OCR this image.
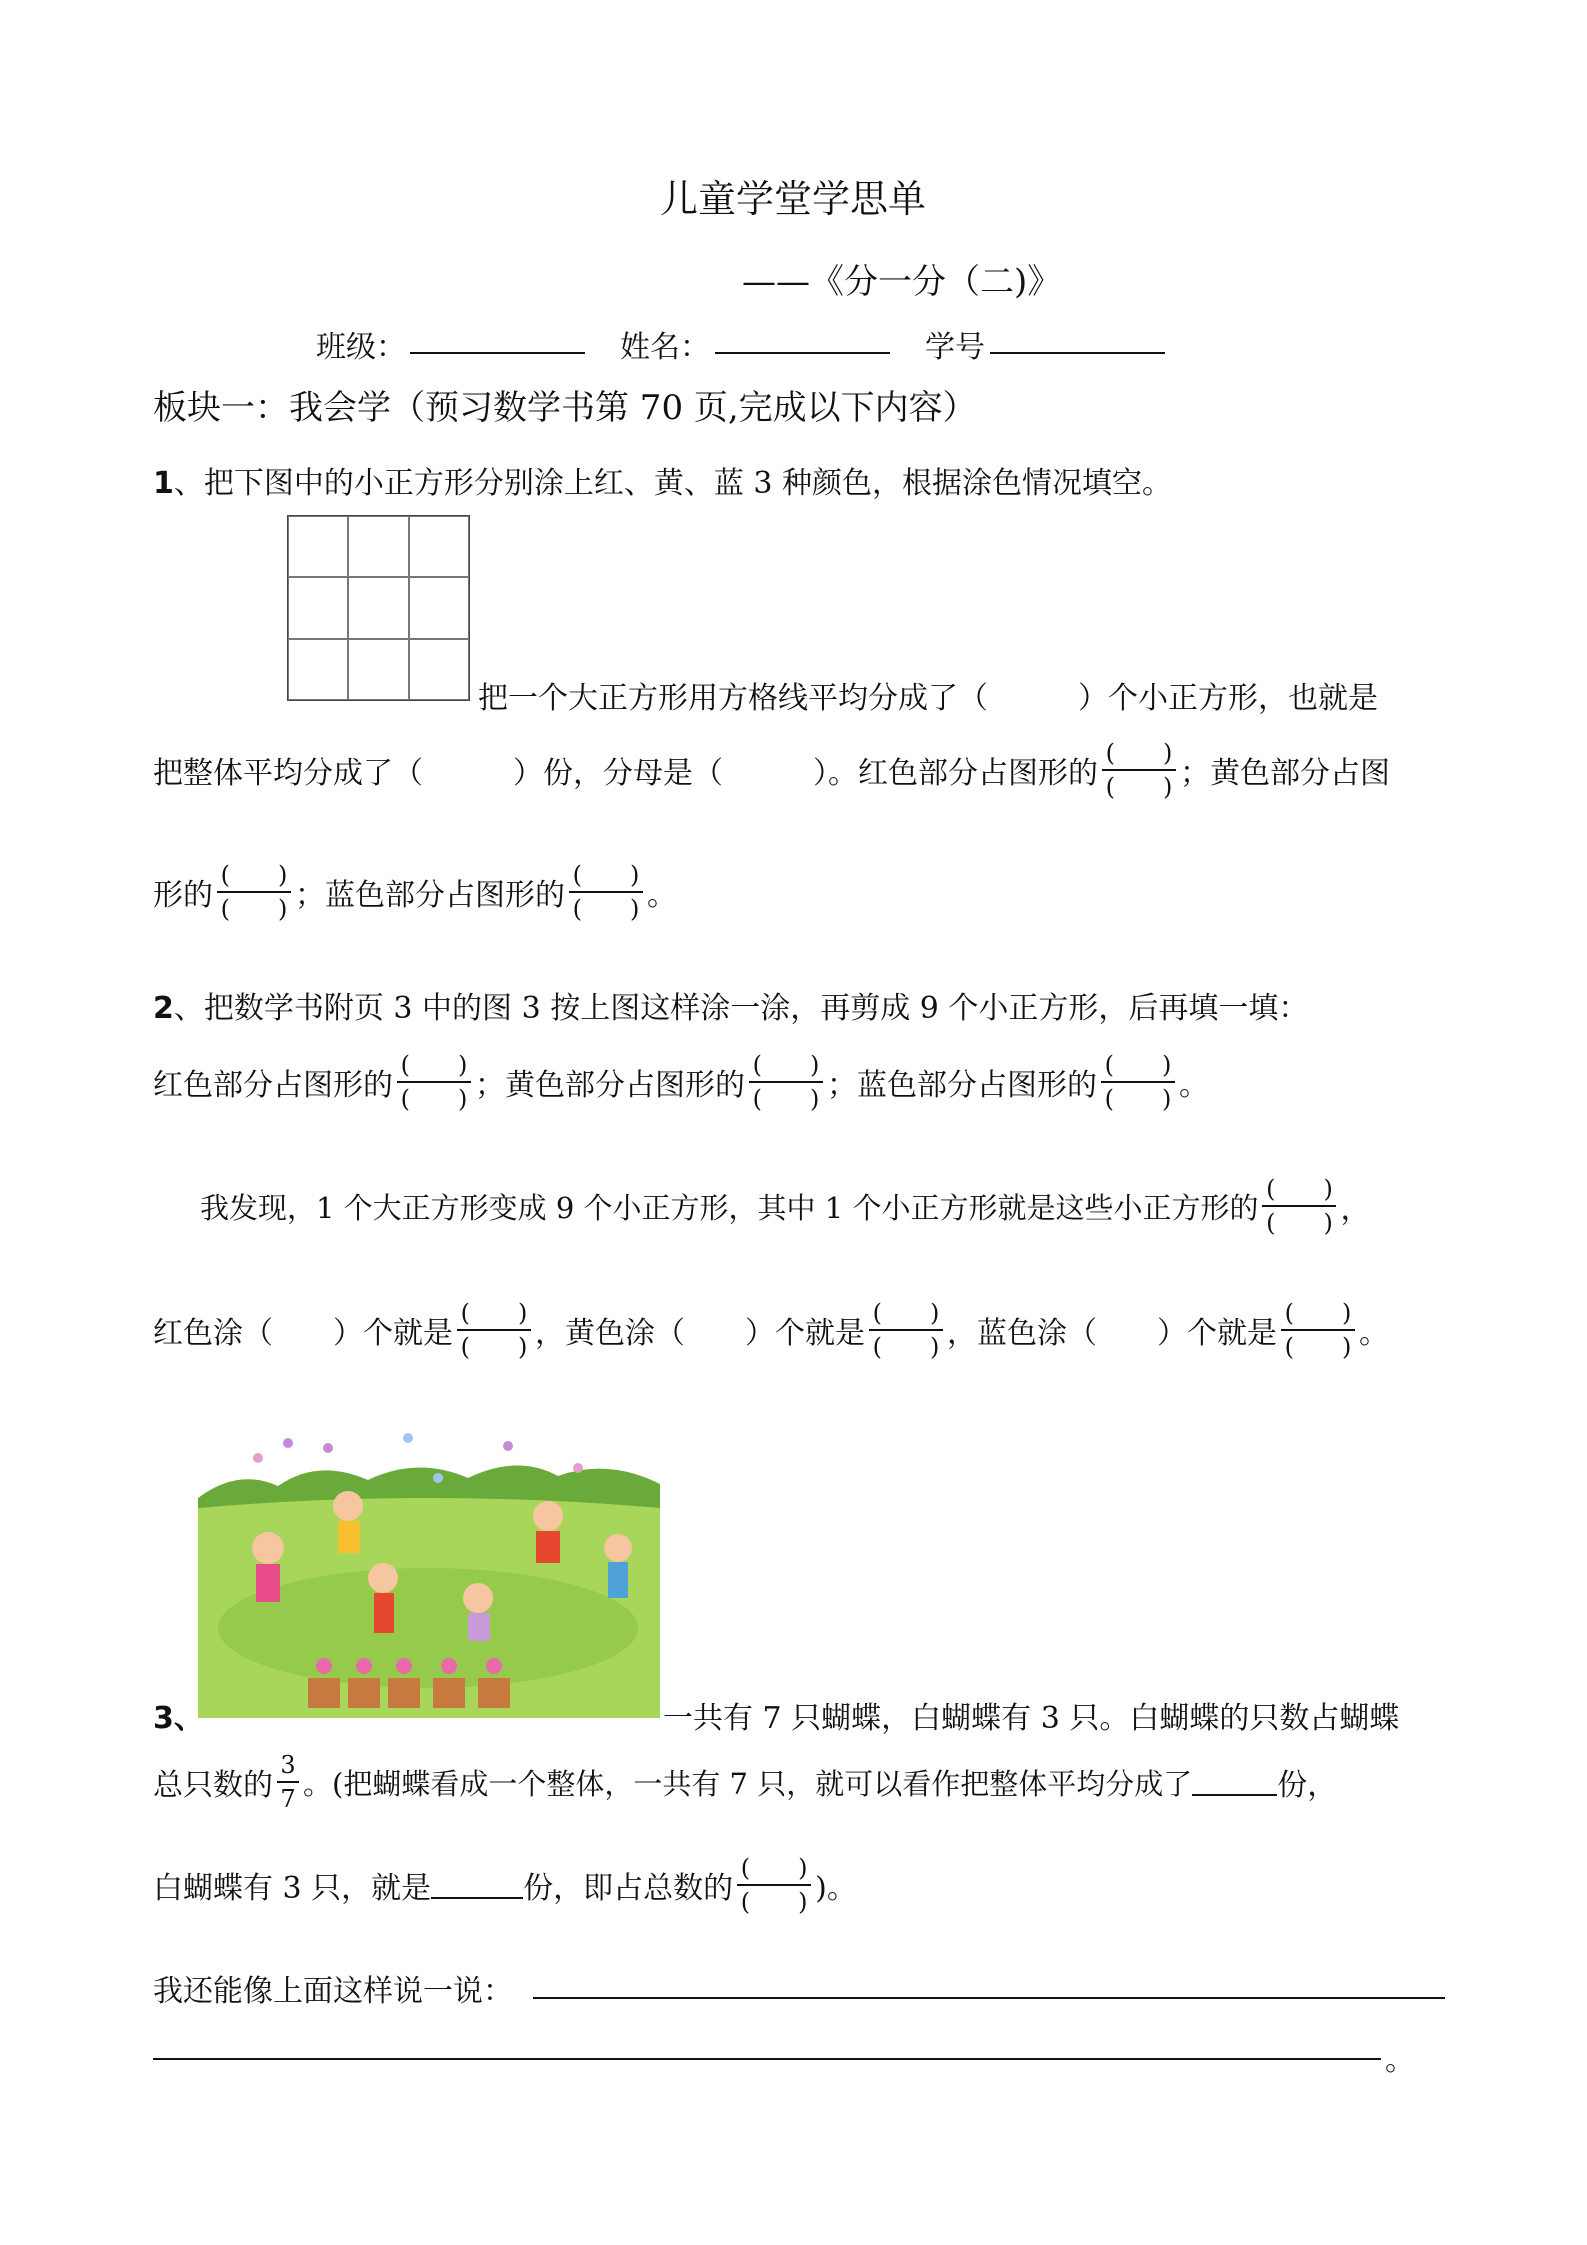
儿童学堂学思单
——《分一分（二)》
班级：	姓名：	学号
板块一：我会学（预习数学书第 70 页,完成以下内容）
1、把下图中的小正方形分别涂上红、黄、蓝 3 种颜色，根据涂色情况填空。
把一个大正方形用方格线平均分成了（　　　）个小正方形，也就是
把整体平均分成了（　　　）份，分母是（　　　）。红色部分占图形的 $\frac{( )}{( )}$ ；黄色部分占图
形的 $\frac{( )}{( )}$ ；蓝色部分占图形的 $\frac{( )}{( )}$ 。
2、把数学书附页 3 中的图 3 按上图这样涂一涂，再剪成 9 个小正方形，后再填一填：
红色部分占图形的 $\frac{( )}{( )}$ ；黄色部分占图形的 $\frac{( )}{( )}$ ；蓝色部分占图形的 $\frac{( )}{( )}$ 。
我发现，1 个大正方形变成 9 个小正方形，其中 1 个小正方形就是这些小正方形的 $\frac{( )}{( )}$ ，
红色涂（　　）个就是 $\frac{( )}{( )}$ ，黄色涂（　　）个就是 $\frac{( )}{( )}$ ，蓝色涂（　　）个就是 $\frac{( )}{( )}$ 。
3、	一共有 7 只蝴蝶，白蝴蝶有 3 只。白蝴蝶的只数占蝴蝶
总只数的 $\frac{3}{7}$ 。(把蝴蝶看成一个整体，一共有 7 只，就可以看作把整体平均分成了	份，
白蝴蝶有 3 只，就是	份，即占总数的 $\frac{( )}{( )}$ )。
我还能像上面这样说一说：
。
